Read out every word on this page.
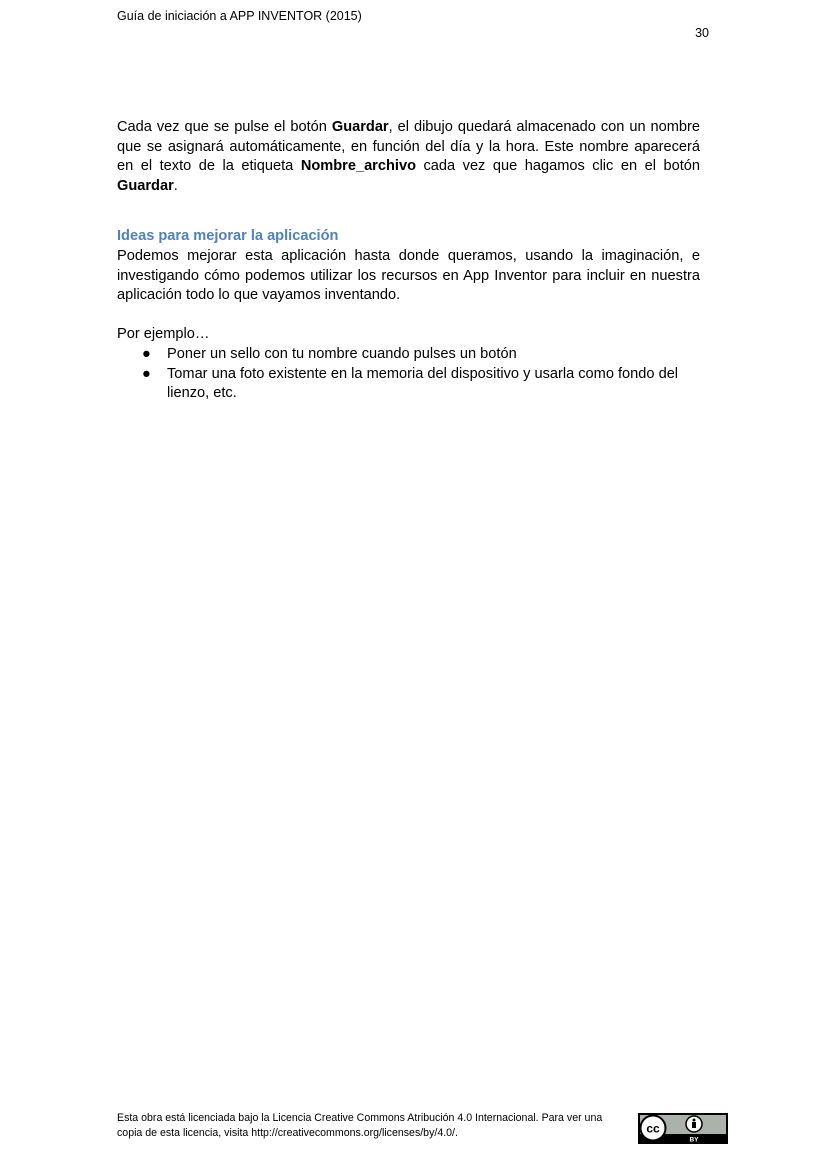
Guía de iniciación a APP INVENTOR (2015)
30

Cada vez que se pulse el botón Guardar, el dibujo quedará almacenado con un nombre que se asignará automáticamente, en función del día y la hora. Este nombre aparecerá en el texto de la etiqueta Nombre_archivo cada vez que hagamos clic en el botón Guardar.

Ideas para mejorar la aplicación

Podemos mejorar esta aplicación hasta donde queramos, usando la imaginación, e investigando cómo podemos utilizar los recursos en App Inventor para incluir en nuestra aplicación todo lo que vayamos inventando.

Por ejemplo…

● Poner un sello con tu nombre cuando pulses un botón
● Tomar una foto existente en la memoria del dispositivo y usarla como fondo del lienzo, etc.
Esta obra está licenciada bajo la Licencia Creative Commons Atribución 4.0 Internacional. Para ver una copia de esta licencia, visita http://creativecommons.org/licenses/by/4.0/.	cc
BY
